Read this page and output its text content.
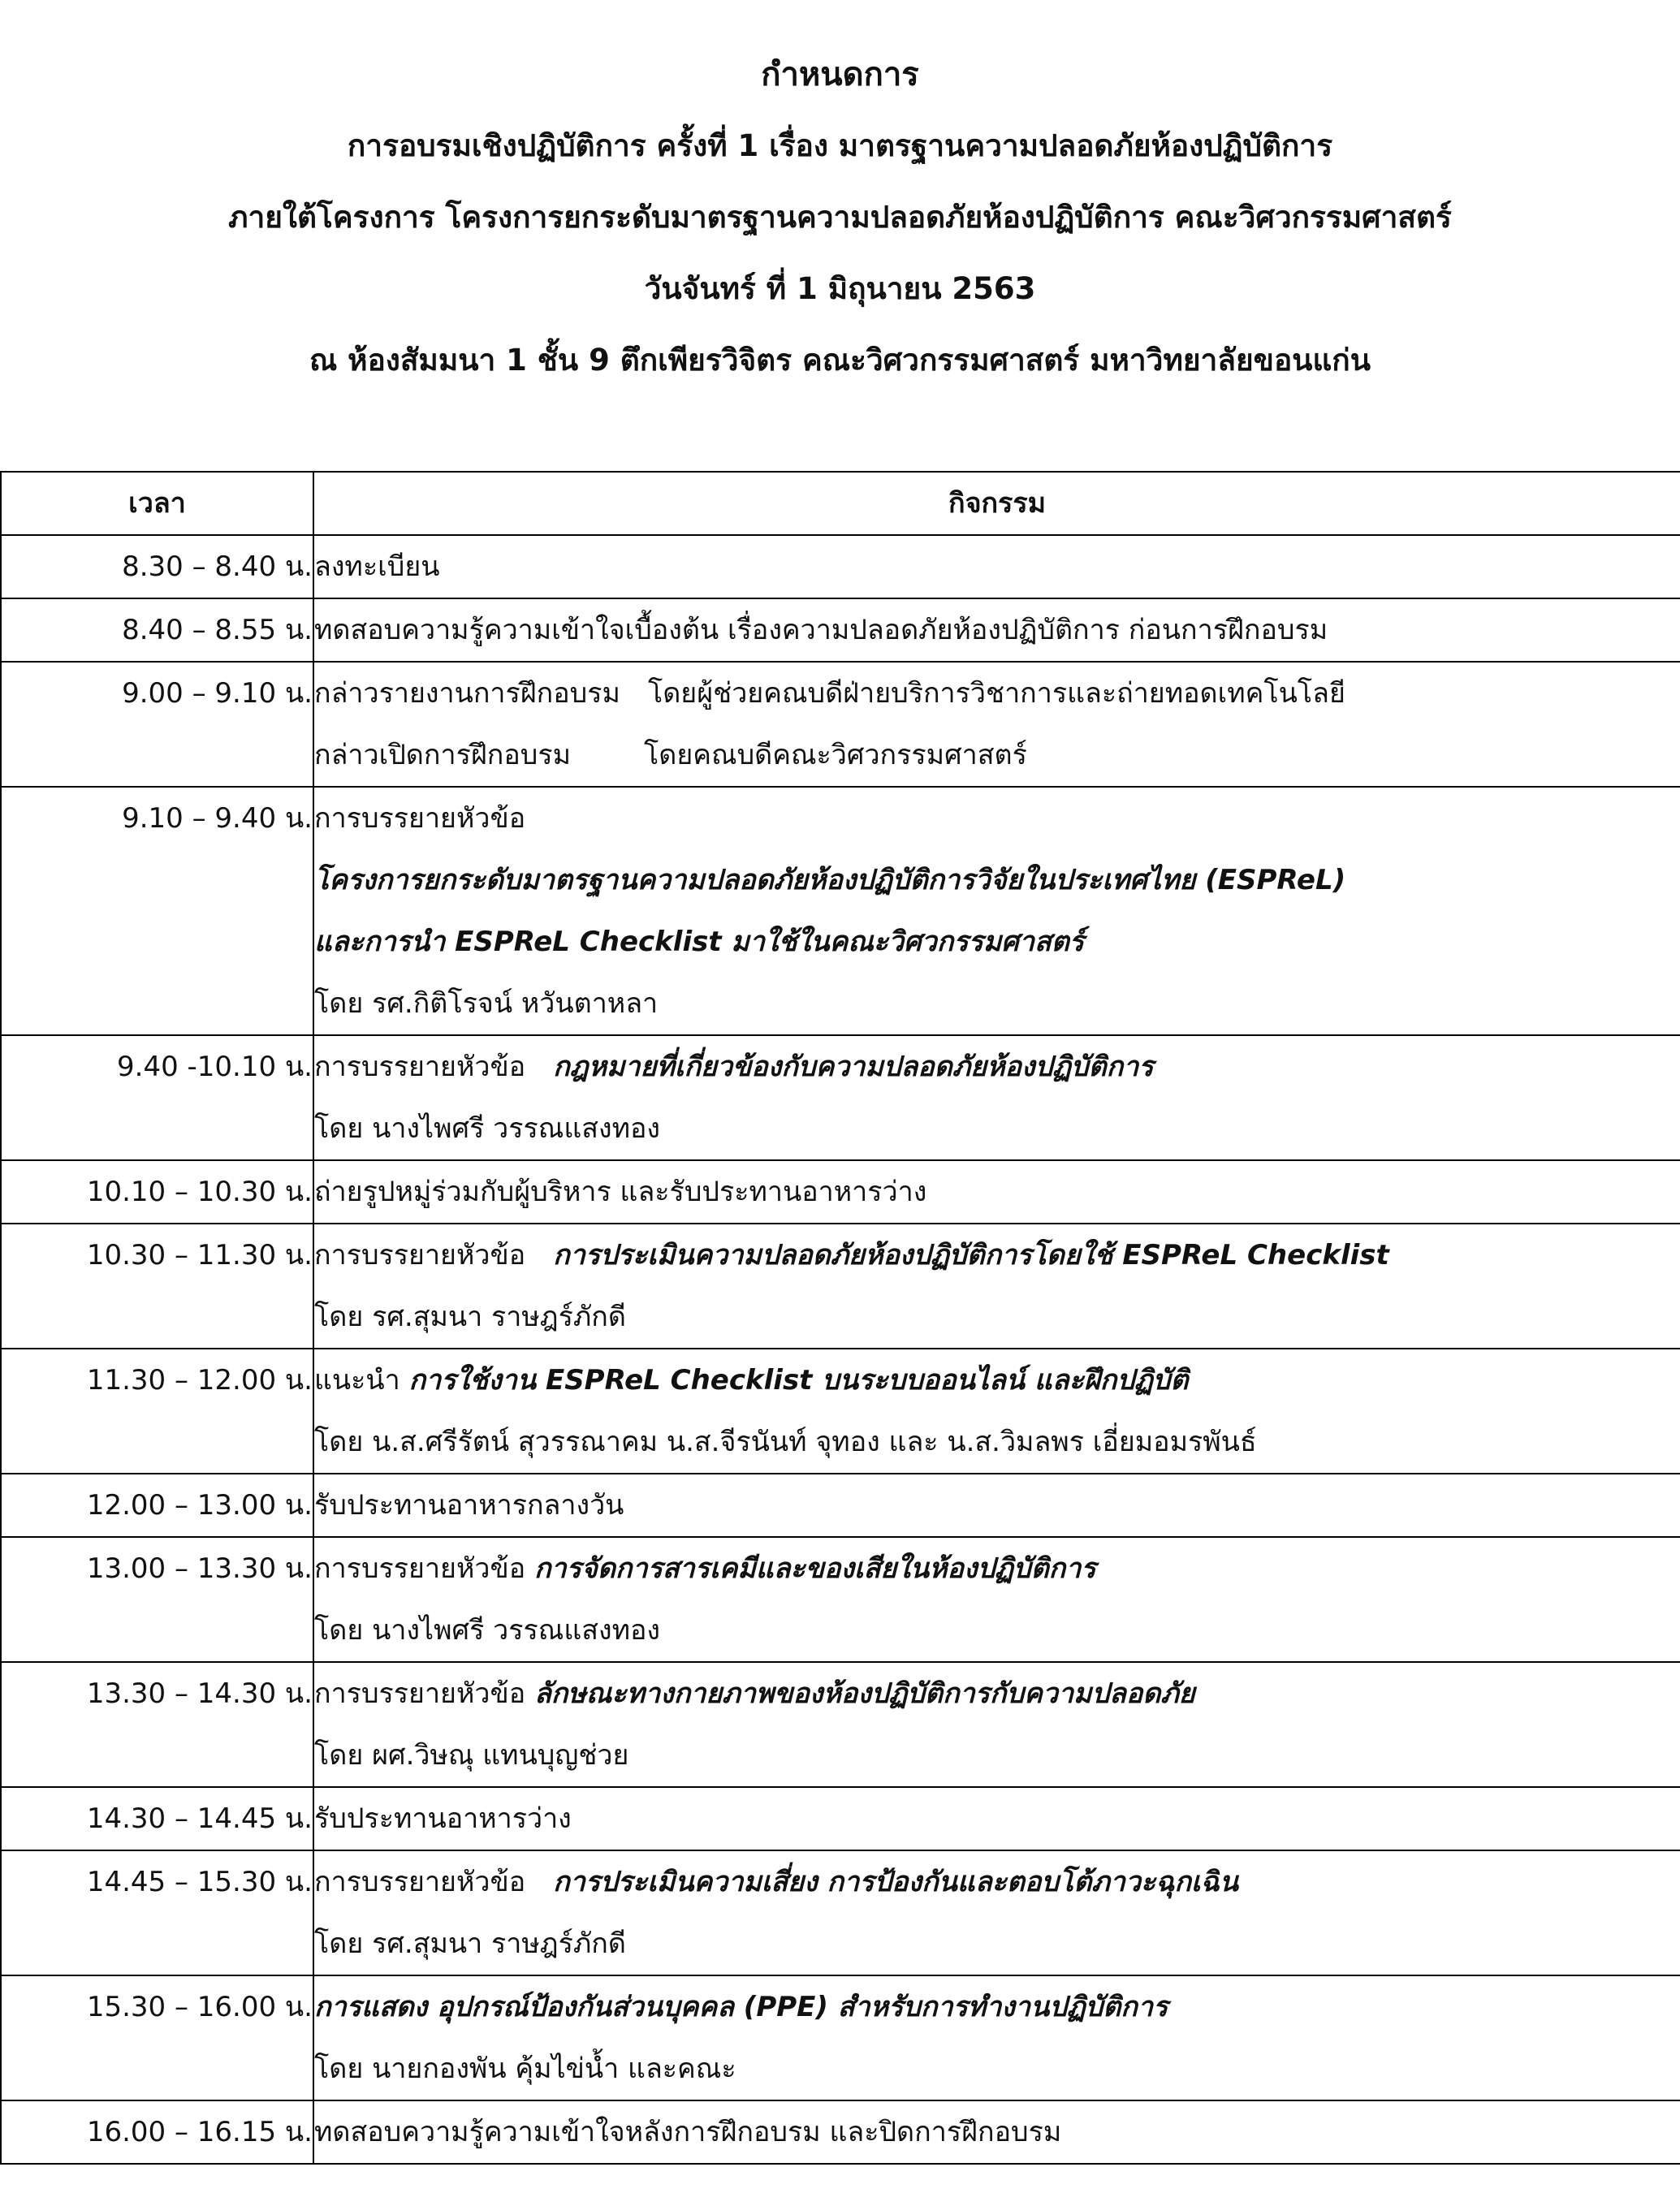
กำหนดการ
การอบรมเชิงปฏิบัติการ ครั้งที่ 1 เรื่อง มาตรฐานความปลอดภัยห้องปฏิบัติการ
ภายใต้โครงการ โครงการยกระดับมาตรฐานความปลอดภัยห้องปฏิบัติการ คณะวิศวกรรมศาสตร์
วันจันทร์ ที่ 1 มิถุนายน 2563
ณ ห้องสัมมนา 1 ชั้น 9 ตึกเพียรวิจิตร คณะวิศวกรรมศาสตร์ มหาวิทยาลัยขอนแก่น
เวลา	กิจกรรม
8.30 – 8.40 น.	ลงทะเบียน

8.40 – 8.55 น.	ทดสอบความรู้ความเข้าใจเบื้องต้น เรื่องความปลอดภัยห้องปฏิบัติการ ก่อนการฝึกอบรม

9.00 – 9.10 น.	กล่าวรายงานการฝึกอบรม โดยผู้ช่วยคณบดีฝ่ายบริการวิชาการและถ่ายทอดเทคโนโลยี
กล่าวเปิดการฝึกอบรม โดยคณบดีคณะวิศวกรรมศาสตร์

9.10 – 9.40 น.	การบรรยายหัวข้อ
โครงการยกระดับมาตรฐานความปลอดภัยห้องปฏิบัติการวิจัยในประเทศไทย (ESPReL)
และการนำ ESPReL Checklist มาใช้ในคณะวิศวกรรมศาสตร์
โดย รศ.กิติโรจน์ หวันตาหลา

9.40 -10.10 น.	การบรรยายหัวข้อ กฎหมายที่เกี่ยวข้องกับความปลอดภัยห้องปฏิบัติการ
โดย นางไพศรี วรรณแสงทอง

10.10 – 10.30 น.	ถ่ายรูปหมู่ร่วมกับผู้บริหาร และรับประทานอาหารว่าง

10.30 – 11.30 น.	การบรรยายหัวข้อ การประเมินความปลอดภัยห้องปฏิบัติการโดยใช้ ESPReL Checklist
โดย รศ.สุมนา ราษฎร์ภักดี

11.30 – 12.00 น.	แนะนำ การใช้งาน ESPReL Checklist บนระบบออนไลน์ และฝึกปฏิบัติ
โดย น.ส.ศรีรัตน์ สุวรรณาคม น.ส.จีรนันท์ จุทอง และ น.ส.วิมลพร เอี่ยมอมรพันธ์

12.00 – 13.00 น.	รับประทานอาหารกลางวัน

13.00 – 13.30 น.	การบรรยายหัวข้อ การจัดการสารเคมีและของเสียในห้องปฏิบัติการ
โดย นางไพศรี วรรณแสงทอง

13.30 – 14.30 น.	การบรรยายหัวข้อ ลักษณะทางกายภาพของห้องปฏิบัติการกับความปลอดภัย
โดย ผศ.วิษณุ แทนบุญช่วย

14.30 – 14.45 น.	รับประทานอาหารว่าง

14.45 – 15.30 น.	การบรรยายหัวข้อ การประเมินความเสี่ยง การป้องกันและตอบโต้ภาวะฉุกเฉิน
โดย รศ.สุมนา ราษฎร์ภักดี

15.30 – 16.00 น.	การแสดง อุปกรณ์ป้องกันส่วนบุคคล (PPE) สำหรับการทำงานปฏิบัติการ
โดย นายกองพัน คุ้มไข่น้ำ และคณะ

16.00 – 16.15 น.	ทดสอบความรู้ความเข้าใจหลังการฝึกอบรม และปิดการฝึกอบรม
